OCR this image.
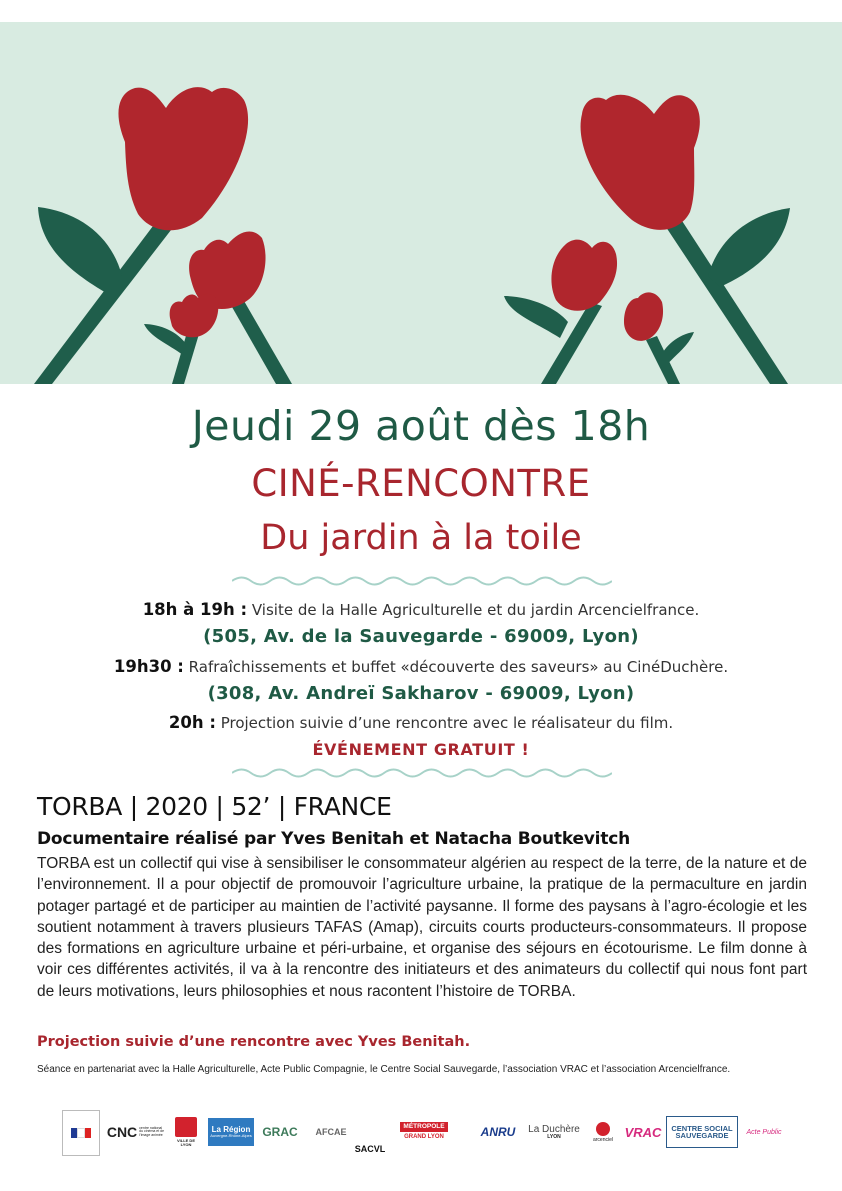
Jeudi 29 août dès 18h
CINÉ-RENCONTRE
Du jardin à la toile
18h à 19h : Visite de la Halle Agriculturelle et du jardin Arcencielfrance.
(505, Av. de la Sauvegarde - 69009, Lyon)
19h30 : Rafraîchissements et buffet «découverte des saveurs» au CinéDuchère.
(308, Av. Andreï Sakharov - 69009, Lyon)
20h : Projection suivie d’une rencontre avec le réalisateur du film.
ÉVÉNEMENT GRATUIT !
TORBA | 2020 | 52’ | FRANCE
Documentaire réalisé par Yves Benitah et Natacha Boutkevitch

TORBA est un collectif qui vise à sensibiliser le consommateur algérien au respect de la terre, de la nature et de l’environnement. Il a pour objectif de promouvoir l’agriculture urbaine, la pratique de la permaculture en jardin potager partagé et de participer au maintien de l’activité paysanne. Il forme des paysans à l’agro-écologie et les soutient notamment à travers plusieurs TAFAS (Amap), circuits courts producteurs-consommateurs. Il propose des formations en agriculture urbaine et péri-urbaine, et organise des séjours en écotourisme. Le film donne à voir ces différentes activités, il va à la rencontre des initiateurs et des animateurs du collectif qui nous font part de leurs motivations, leurs philosophies et nous racontent l’histoire de TORBA.

Projection suivie d’une rencontre avec Yves Benitah.
Séance en partenariat avec la Halle Agriculturelle, Acte Public Compagnie, le Centre Social Sauvegarde, l’association VRAC et l’association Arcencielfrance.
CNC centre national du cinéma et de l’image animée
VILLE DE LYON
La Région
Auvergne-Rhône-Alpes GRAC	AFCAE
SACVL
MÉTROPOLE
GRAND LYON	ANRU	La Duchère
LYON	arcenciel VRAC	CENTRE SOCIAL
SAUVEGARDE	Acte Public
